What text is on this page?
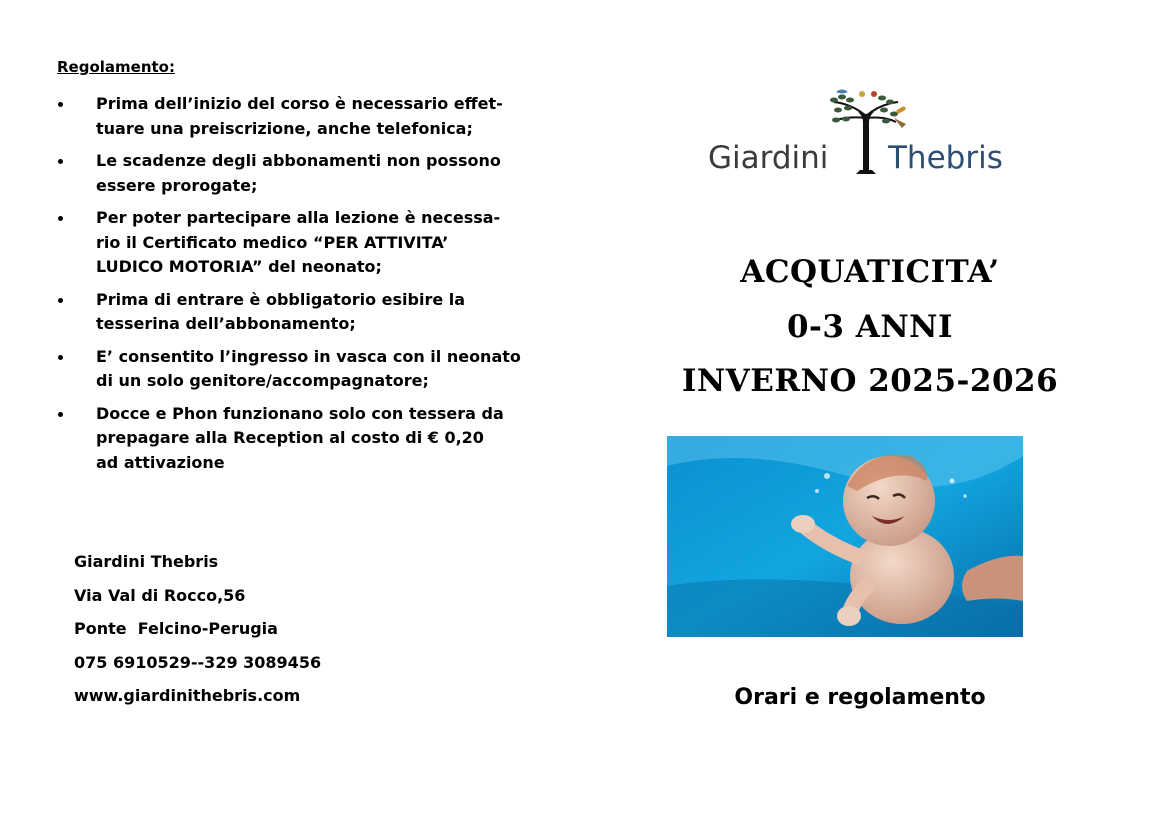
Regolamento:

Prima dell’inizio del corso è necessario effet-
tuare una preiscrizione, anche telefonica;
Le scadenze degli abbonamenti non possono
essere prorogate;
Per poter partecipare alla lezione è necessa-
rio il Certificato medico “PER ATTIVITA’
LUDICO MOTORIA” del neonato;
Prima di entrare è obbligatorio esibire la
tesserina dell’abbonamento;
E’ consentito l’ingresso in vasca con il neonato
di un solo genitore/accompagnatore;
Docce e Phon funzionano solo con tessera da
prepagare alla Reception al costo di € 0,20
ad attivazione
Giardini Thebris
Via Val di Rocco,56
Ponte  Felcino-Perugia
075 6910529--329 3089456
www.giardinithebris.com
Giardini Thebris

ACQUATICITA’

0-3 ANNI

INVERNO 2025-2026

Orari e regolamento
